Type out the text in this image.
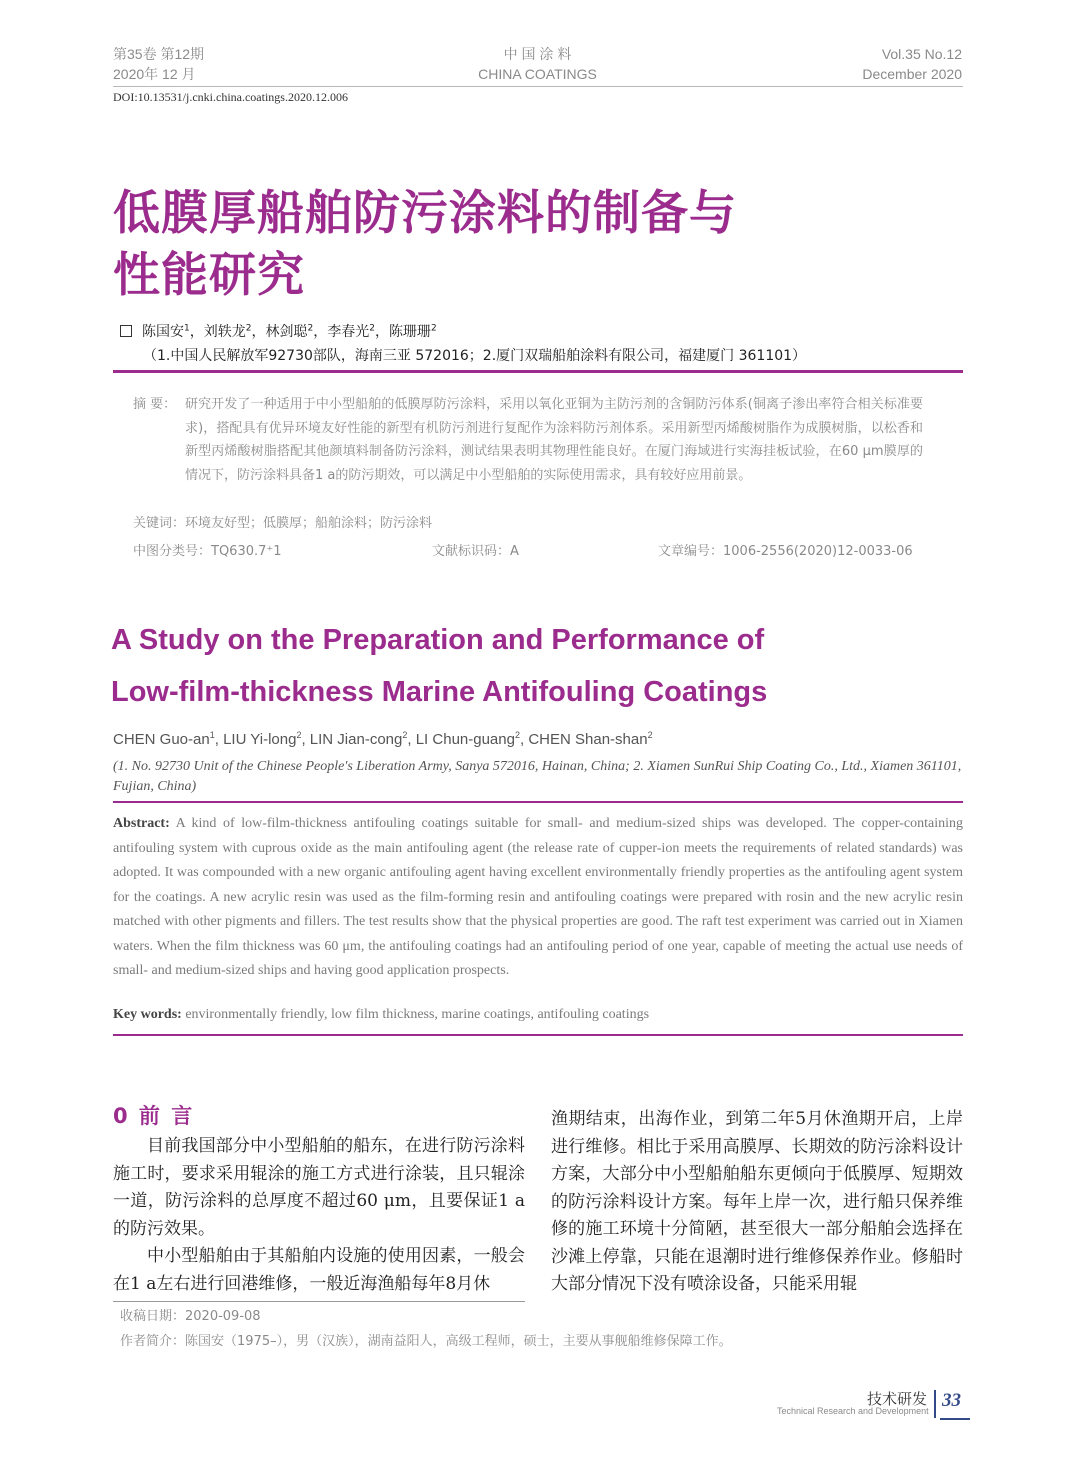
第35卷 第12期
2020年 12 月
中 国 涂 料
CHINA COATINGS
Vol.35 No.12
December 2020
DOI:10.13531/j.cnki.china.coatings.2020.12.006
低膜厚船舶防污涂料的制备与
性能研究
陈国安$^1$，刘轶龙$^2$，林剑聪$^2$，李春光$^2$，陈珊珊$^2$
（1.中国人民解放军92730部队，海南三亚 572016；2.厦门双瑞船舶涂料有限公司，福建厦门 361101）
摘 要： 研究开发了一种适用于中小型船舶的低膜厚防污涂料，采用以氧化亚铜为主防污剂的含铜防污体系(铜离子渗出率符合相关标准要求)，搭配具有优异环境友好性能的新型有机防污剂进行复配作为涂料防污剂体系。采用新型丙烯酸树脂作为成膜树脂，以松香和新型丙烯酸树脂搭配其他颜填料制备防污涂料，测试结果表明其物理性能良好。在厦门海域进行实海挂板试验，在60 μm膜厚的情况下，防污涂料具备1 a的防污期效，可以满足中小型船舶的实际使用需求，具有较好应用前景。
关键词：环境友好型；低膜厚；船舶涂料；防污涂料
中图分类号：TQ630.7⁺1	文献标识码：A	文章编号：1006-2556(2020)12-0033-06
A Study on the Preparation and Performance of
Low-film-thickness Marine Antifouling Coatings
CHEN Guo-$an^1$, LIU Yi-long$^2$, LIN Jian-cong$^2$, LI Chun-guang$^2$, CHEN Shan-shan$^2$
(1. No. 92730 Unit of the Chinese People's Liberation Army, Sanya 572016, Hainan, China; 2. Xiamen SunRui Ship Coating Co., Ltd., Xiamen 361101, Fujian, China)
Abstract: A kind of low-film-thickness antifouling coatings suitable for small- and medium-sized ships was developed. The copper-containing antifouling system with cuprous oxide as the main antifouling agent (the release rate of cupper-ion meets the requirements of related standards) was adopted. It was compounded with a new organic antifouling agent having excellent environmentally friendly properties as the antifouling agent system for the coatings. A new acrylic resin was used as the film-forming resin and antifouling coatings were prepared with rosin and the new acrylic resin matched with other pigments and fillers. The test results show that the physical properties are good. The raft test experiment was carried out in Xiamen waters. When the film thickness was 60 μm, the antifouling coatings had an antifouling period of one year, capable of meeting the actual use needs of small- and medium-sized ships and having good application prospects.
Key words: environmentally friendly, low film thickness, marine coatings, antifouling coatings
0 前 言

目前我国部分中小型船舶的船东，在进行防污涂料施工时，要求采用辊涂的施工方式进行涂装，且只辊涂一道，防污涂料的总厚度不超过60 μm，且要保证1 a的防污效果。

中小型船舶由于其船舶内设施的使用因素，一般会在1 a左右进行回港维修，一般近海渔船每年8月休

渔期结束，出海作业，到第二年5月休渔期开启，上岸进行维修。相比于采用高膜厚、长期效的防污涂料设计方案，大部分中小型船舶船东更倾向于低膜厚、短期效的防污涂料设计方案。每年上岸一次，进行船只保养维修的施工环境十分简陋，甚至很大一部分船舶会选择在沙滩上停靠，只能在退潮时进行维修保养作业。修船时大部分情况下没有喷涂设备，只能采用辊

收稿日期：2020-09-08
作者简介：陈国安（1975–），男（汉族），湖南益阳人，高级工程师，硕士，主要从事舰船维修保障工作。
技术研发
Technical Research and Development 33
